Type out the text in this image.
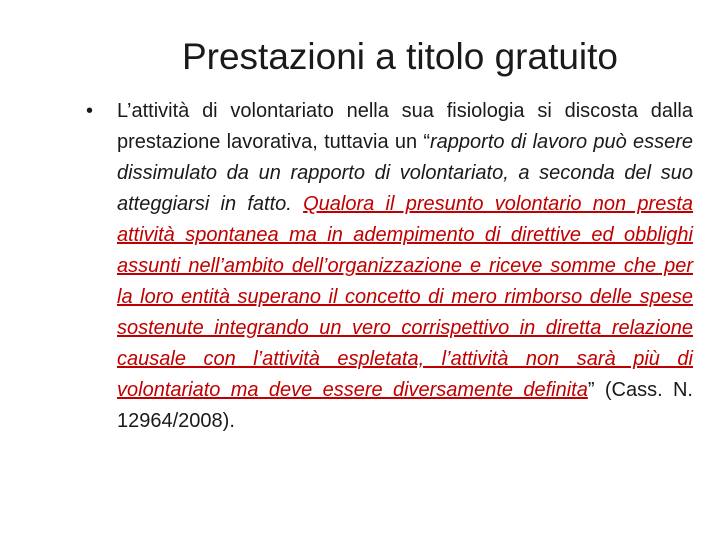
Prestazioni a titolo gratuito
• L’attività di volontariato nella sua fisiologia si discosta dalla prestazione lavorativa, tuttavia un “rapporto di lavoro può essere dissimulato da un rapporto di volontariato, a seconda del suo atteggiarsi in fatto. Qualora il presunto volontario non presta attività spontanea ma in adempimento di direttive ed obblighi assunti nell’ambito dell’organizzazione e riceve somme che per la loro entità superano il concetto di mero rimborso delle spese sostenute integrando un vero corrispettivo in diretta relazione causale con l’attività espletata, l’attività non sarà più di volontariato ma deve essere diversamente definita” (Cass. N. 12964/2008).
